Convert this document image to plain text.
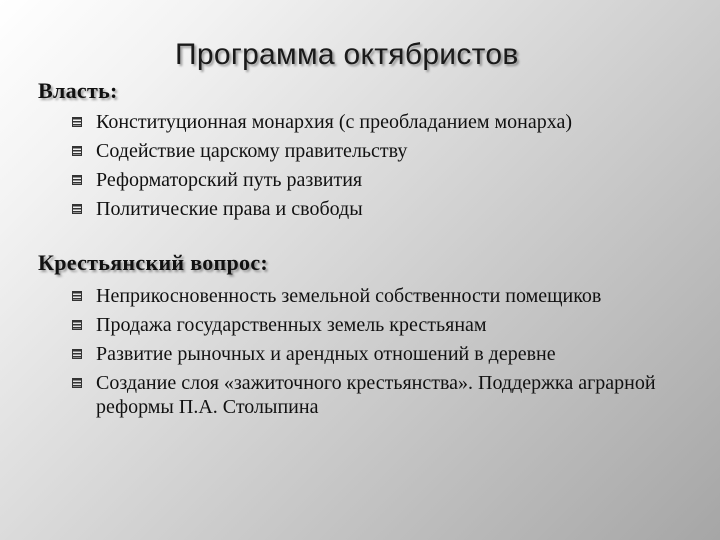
Программа октябристов
Власть:
Конституционная монархия (с преобладанием монарха)
Содействие царскому правительству
Реформаторский путь развития
Политические права и свободы
Крестьянский вопрос:
Неприкосновенность земельной собственности помещиков
Продажа государственных земель крестьянам
Развитие рыночных и арендных отношений в деревне
Создание слоя «зажиточного крестьянства». Поддержка аграрной реформы П.А. Столыпина
